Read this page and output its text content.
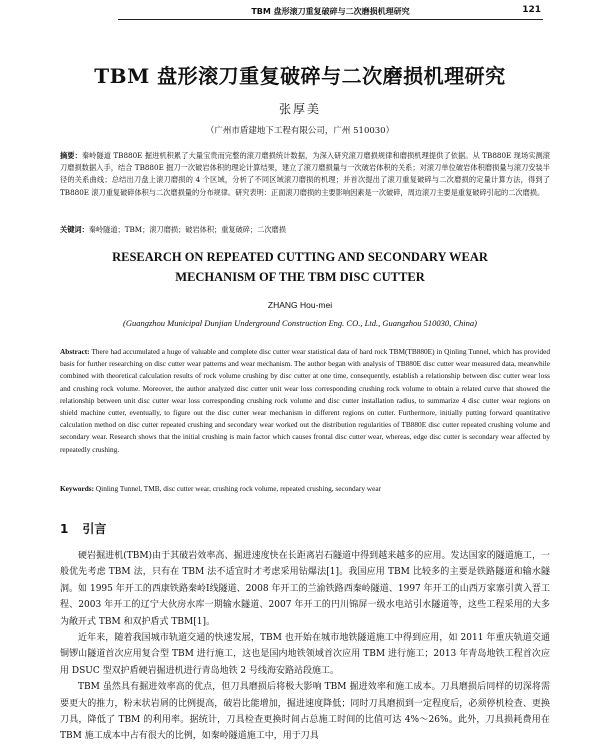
TBM 盘形滚刀重复破碎与二次磨损机理研究	121
TBM 盘形滚刀重复破碎与二次磨损机理研究
张厚美
（广州市盾建地下工程有限公司，广州 510030）
摘要：秦岭隧道 TB880E 掘进机积累了大量宝贵而完整的滚刀磨损统计数据，为深入研究滚刀磨损规律和磨损机理提供了依据。从 TB880E 现场实测滚刀磨损数据入手，结合 TB880E 掘刀一次破岩体积的理论计算结果，建立了滚刀磨损量与一次破岩体积的关系；对滚刀单位破岩体积磨损量与滚刀安装半径的关系曲线；总结出刀盘上滚刀磨损的 4 个区域，分析了不同区域滚刀磨损的机理；并首次提出了滚刀重复破碎与二次磨损的定量计算方法，得到了 TB880E 滚刀重复破碎体积与二次磨损量的分布规律。研究表明：正面滚刀磨损的主要影响因素是一次破碎，周边滚刀主要是重复破碎引起的二次磨损。
关键词：秦岭隧道；TBM；滚刀磨损；破岩体积；重复破碎；二次磨损
RESEARCH ON REPEATED CUTTING AND SECONDARY WEAR
MECHANISM OF THE TBM DISC CUTTER
ZHANG Hou-mei
(Guangzhou Municipal Dunjian Underground Construction Eng. CO., Ltd., Guangzhou 510030, China)
Abstract: There had accumulated a huge of valuable and complete disc cutter wear statistical data of hard rock TBM(TB880E) in Qinling Tunnel, which has provided basis for further researching on disc cutter wear patterns and wear mechanism. The author began with analysis of TB880E disc cutter wear measured data, meanwhile combined with theoretical calculation results of rock volume crushing by disc cutter at one time, consequently, establish a relationship between disc cutter wear loss and crushing rock volume. Moreover, the author analyzed disc cutter unit wear loss corresponding crushing rock volume to obtain a related curve that showed the relationship between unit disc cutter wear loss corresponding crushing rock volume and disc cutter installation radius, to summarize 4 disc cutter wear regions on shield machine cutter, eventually, to figure out the disc cutter wear mechanism in different regions on cutter. Furthermore, initially putting forward quantitative calculation method on disc cutter repeated crushing and secondary wear worked out the distribution regularities of TB880E disc cutter repeated crushing volume and secondary wear. Research shows that the initial crushing is main factor which causes frontal disc cutter wear, whereas, edge disc cutter is secondary wear affected by repeatedly crushing.
Keywords: Qinling Tunnel, TMB, disc cutter wear, crushing rock volume, repeated crushing, secondary wear
1 引言

硬岩掘进机(TBM)由于其破岩效率高、掘进速度快在长距离岩石隧道中得到越来越多的应用。发达国家的隧道施工，一般优先考虑 TBM 法，只有在 TBM 法不适宜时才考虑采用钻爆法[1]。我国应用 TBM 比较多的主要是铁路隧道和输水隧洞。如 1995 年开工的西康铁路秦岭Ⅰ线隧道、2008 年开工的兰渝铁路西秦岭隧道、1997 年开工的山西万家寨引黄入晋工程、2003 年开工的辽宁大伙房水库一期输水隧道、2007 年开工的円川锦屏一级水电站引水隧道等，这些工程采用的大多为敞开式 TBM 和双护盾式 TBM[1]。

近年来，随着我国城市轨道交通的快速发展，TBM 也开始在城市地铁隧道施工中得到应用，如 2011 年重庆轨道交通铜锣山隧道首次应用复合型 TBM 进行施工，这也是国内地铁领域首次应用 TBM 进行施工；2013 年青岛地铁工程首次应用 DSUC 型双护盾硬岩掘进机进行青岛地铁 2 号线海安路站段施工。

TBM 虽然具有掘进效率高的优点，但刀具磨损后将极大影响 TBM 掘进效率和施工成本。刀具磨损后同样的切深将需要更大的推力，粉末状岩屑的比例提高，破岩比能增加，掘进速度降低；同时刀具磨损到一定程度后，必须停机检查、更换刀具，降低了 TBM 的利用率。据统计，刀具检查更换时间占总施工时间的比值可达 4%～26%。此外，刀具损耗费用在 TBM 施工成本中占有很大的比例，如秦岭隧道施工中，用于刀具
